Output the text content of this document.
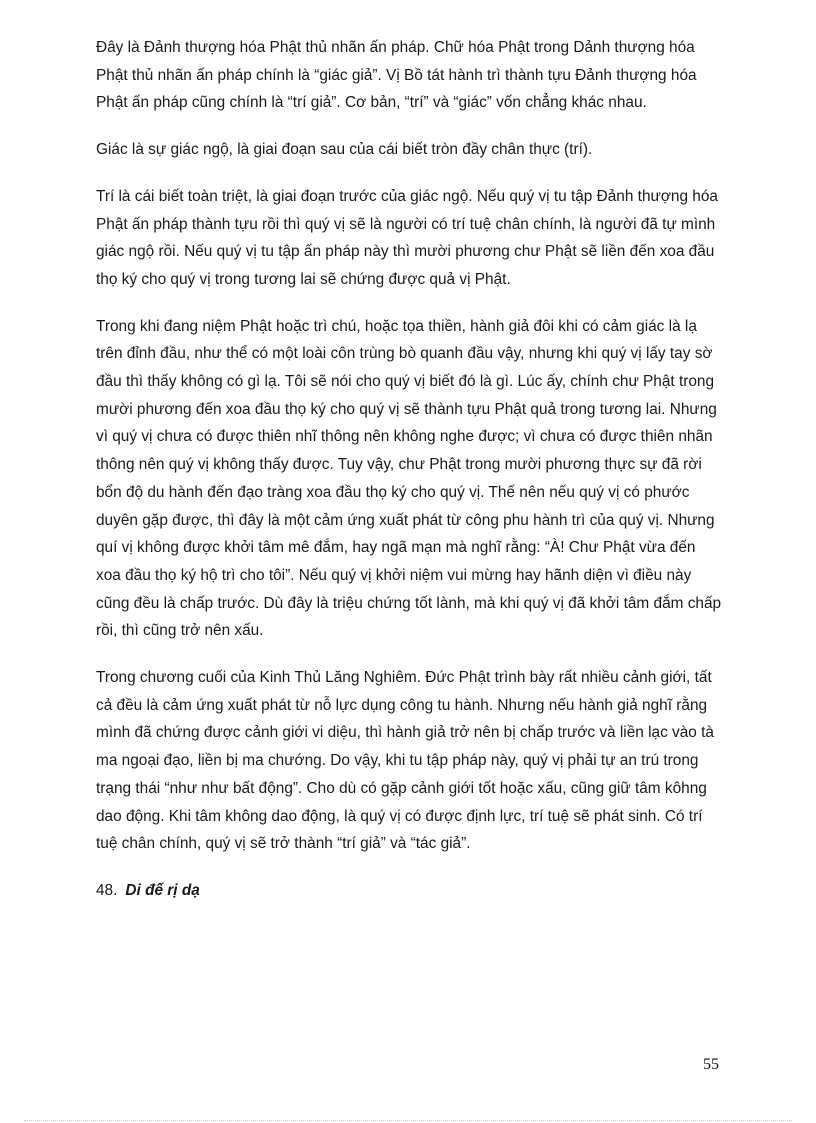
Đây là Đảnh thượng hóa Phật thủ nhãn ấn pháp. Chữ hóa Phật trong Dảnh thượng hóa Phật thủ nhãn ấn pháp chính là “giác giả”. Vị Bồ tát hành trì thành tựu Đảnh thượng hóa Phật ấn pháp cũng chính là “trí giả”. Cơ bản, “trí” và “giác” vốn chẳng khác nhau.

Giác là sự giác ngộ, là giai đoạn sau của cái biết tròn đầy chân thực (trí).

Trí là cái biết toàn triệt, là giai đoạn trước của giác ngộ. Nếu quý vị tu tập Đảnh thượng hóa Phật ấn pháp thành tựu rồi thì quý vị sẽ là người có trí tuệ chân chính, là người đã tự mình giác ngộ rồi. Nếu quý vị tu tập ấn pháp này thì mười phương chư Phật sẽ liền đến xoa đầu thọ ký cho quý vị trong tương lai sẽ chứng được quả vị Phật.

Trong khi đang niệm Phật hoặc trì chú, hoặc tọa thiền, hành giả đôi khi có cảm giác là lạ trên đỉnh đầu, như thể có một loài côn trùng bò quanh đầu vậy, nhưng khi quý vị lấy tay sờ đầu thì thấy không có gì lạ. Tôi sẽ nói cho quý vị biết đó là gì. Lúc ấy, chính chư Phật trong mười phương đến xoa đầu thọ ký cho quý vị sẽ thành tựu Phật quả trong tương lai. Nhưng vì quý vị chưa có được thiên nhĩ thông nên không nghe được; vì chưa có được thiên nhãn thông nên quý vị không thấy được. Tuy vậy, chư Phật trong mười phương thực sự đã rời bổn độ du hành đến đạo tràng xoa đầu thọ ký cho quý vị. Thế nên nếu quý vị có phước duyên gặp được, thì đây là một cảm ứng xuất phát từ công phu hành trì của quý vị. Nhưng quí vị không được khởi tâm mê đắm, hay ngã mạn mà nghĩ rằng: “À! Chư Phật vừa đến xoa đầu thọ ký hộ trì cho tôi”. Nếu quý vị khởi niệm vui mừng hay hãnh diện vì điều này cũng đều là chấp trước. Dù đây là triệu chứng tốt lành, mà khi quý vị đã khởi tâm đắm chấp rồi, thì cũng trở nên xấu.

Trong chương cuối của Kinh Thủ Lăng Nghiêm. Đức Phật trình bày rất nhiều cảnh giới, tất cả đều là cảm ứng xuất phát từ nỗ lực dụng công tu hành. Nhưng nếu hành giả nghĩ rằng mình đã chứng được cảnh giới vi diệu, thì hành giả trở nên bị chấp trước và liền lạc vào tà ma ngoại đạo, liền bị ma chướng. Do vậy, khi tu tập pháp này, quý vị phải tự an trú trong trạng thái “như như bất động”. Cho dù có gặp cảnh giới tốt hoặc xấu, cũng giữ tâm kôhng dao động. Khi tâm không dao động, là quý vị có được định lực, trí tuệ sẽ phát sinh. Có trí tuệ chân chính, quý vị sẽ trở thành “trí giả” và “tác giả”.

48. Di đế rị dạ
55
